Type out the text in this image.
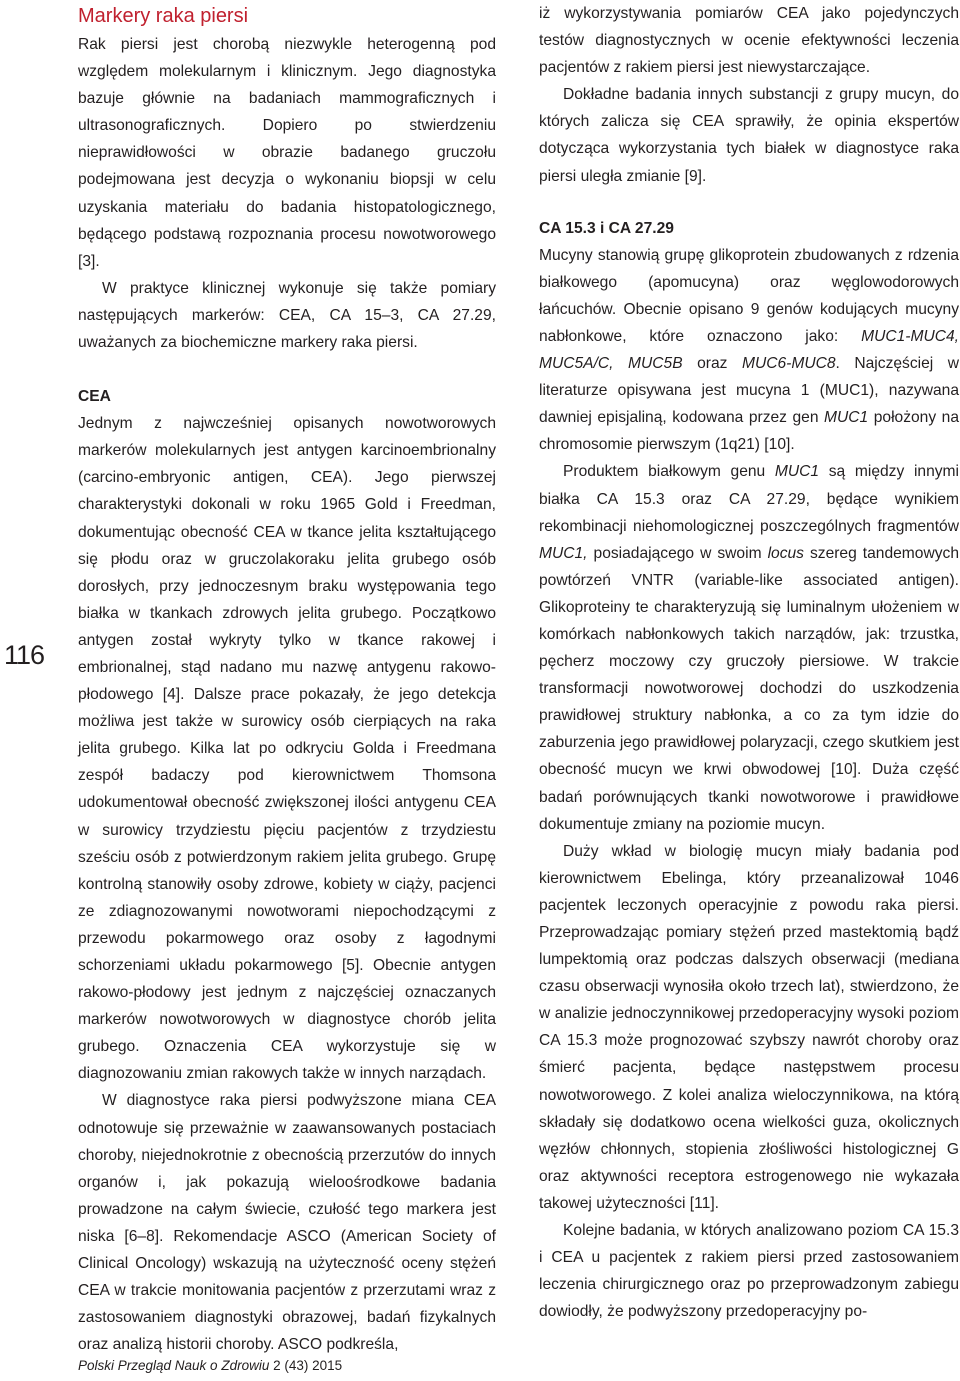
116
Markery raka piersi

Rak piersi jest chorobą niezwykle heterogenną pod względem molekularnym i klinicznym. Jego diagnostyka bazuje głównie na badaniach mammograficznych i ultrasonograficznych. Dopiero po stwierdzeniu nieprawidłowości w obrazie badanego gruczołu podejmowana jest decyzja o wykonaniu biopsji w celu uzyskania materiału do badania histopatologicznego, będącego podstawą rozpoznania procesu nowotworowego [3].

W praktyce klinicznej wykonuje się także pomiary następujących markerów: CEA, CA 15–3, CA 27.29, uważanych za biochemiczne markery raka piersi.

CEA

Jednym z najwcześniej opisanych nowotworowych markerów molekularnych jest antygen karcinoembrionalny (carcino-embryonic antigen, CEA). Jego pierwszej charakterystyki dokonali w roku 1965 Gold i Freedman, dokumentując obecność CEA w tkance jelita kształtującego się płodu oraz w gruczolakoraku jelita grubego osób dorosłych, przy jednoczesnym braku występowania tego białka w tkankach zdrowych jelita grubego. Początkowo antygen został wykryty tylko w tkance rakowej i embrionalnej, stąd nadano mu nazwę antygenu rakowo-płodowego [4]. Dalsze prace pokazały, że jego detekcja możliwa jest także w surowicy osób cierpiących na raka jelita grubego. Kilka lat po odkryciu Golda i Freedmana zespół badaczy pod kierownictwem Thomsona udokumentował obecność zwiększonej ilości antygenu CEA w surowicy trzydziestu pięciu pacjentów z trzydziestu sześciu osób z potwierdzonym rakiem jelita grubego. Grupę kontrolną stanowiły osoby zdrowe, kobiety w ciąży, pacjenci ze zdiagnozowanymi nowotworami niepochodzącymi z przewodu pokarmowego oraz osoby z łagodnymi schorzeniami układu pokarmowego [5]. Obecnie antygen rakowo-płodowy jest jednym z najczęściej oznaczanych markerów nowotworowych w diagnostyce chorób jelita grubego. Oznaczenia CEA wykorzystuje się w diagnozowaniu zmian rakowych także w innych narządach.

W diagnostyce raka piersi podwyższone miana CEA odnotowuje się przeważnie w zaawansowanych postaciach choroby, niejednokrotnie z obecnością przerzutów do innych organów i, jak pokazują wieloośrodkowe badania prowadzone na całym świecie, czułość tego markera jest niska [6–8]. Rekomendacje ASCO (American Society of Clinical Oncology) wskazują na użyteczność oceny stężeń CEA w trakcie monitowania pacjentów z przerzutami wraz z zastosowaniem diagnostyki obrazowej, badań fizykalnych oraz analizą historii choroby. ASCO podkreśla,

iż wykorzystywania pomiarów CEA jako pojedynczych testów diagnostycznych w ocenie efektywności leczenia pacjentów z rakiem piersi jest niewystarczające.

Dokładne badania innych substancji z grupy mucyn, do których zalicza się CEA sprawiły, że opinia ekspertów dotycząca wykorzystania tych białek w diagnostyce raka piersi uległa zmianie [9].

CA 15.3 i CA 27.29

Mucyny stanowią grupę glikoprotein zbudowanych z rdzenia białkowego (apomucyna) oraz węglowodorowych łańcuchów. Obecnie opisano 9 genów kodujących mucyny nabłonkowe, które oznaczono jako: MUC1-MUC4, MUC5A/C, MUC5B oraz MUC6-MUC8. Najczęściej w literaturze opisywana jest mucyna 1 (MUC1), nazywana dawniej episjaliną, kodowana przez gen MUC1 położony na chromosomie pierwszym (1q21) [10].

Produktem białkowym genu MUC1 są między innymi białka CA 15.3 oraz CA 27.29, będące wynikiem rekombinacji niehomologicznej poszczególnych fragmentów MUC1, posiadającego w swoim locus szereg tandemowych powtórzeń VNTR (variable-like associated antigen). Glikoproteiny te charakteryzują się luminalnym ułożeniem w komórkach nabłonkowych takich narządów, jak: trzustka, pęcherz moczowy czy gruczoły piersiowe. W trakcie transformacji nowotworowej dochodzi do uszkodzenia prawidłowej struktury nabłonka, a co za tym idzie do zaburzenia jego prawidłowej polaryzacji, czego skutkiem jest obecność mucyn we krwi obwodowej [10]. Duża część badań porównujących tkanki nowotworowe i prawidłowe dokumentuje zmiany na poziomie mucyn.

Duży wkład w biologię mucyn miały badania pod kierownictwem Ebelinga, który przeanalizował 1046 pacjentek leczonych operacyjnie z powodu raka piersi. Przeprowadzając pomiary stężeń przed mastektomią bądź lumpektomią oraz podczas dalszych obserwacji (mediana czasu obserwacji wynosiła około trzech lat), stwierdzono, że w analizie jednoczynnikowej przedoperacyjny wysoki poziom CA 15.3 może prognozować szybszy nawrót choroby oraz śmierć pacjenta, będące następstwem procesu nowotworowego. Z kolei analiza wieloczynnikowa, na którą składały się dodatkowo ocena wielkości guza, okolicznych węzłów chłonnych, stopienia złośliwości histologicznej G oraz aktywności receptora estrogenowego nie wykazała takowej użyteczności [11].

Kolejne badania, w których analizowano poziom CA 15.3 i CEA u pacjentek z rakiem piersi przed zastosowaniem leczenia chirurgicznego oraz po przeprowadzonym zabiegu dowiodły, że podwyższony przedoperacyjny po-

Polski Przegląd Nauk o Zdrowiu 2 (43) 2015
